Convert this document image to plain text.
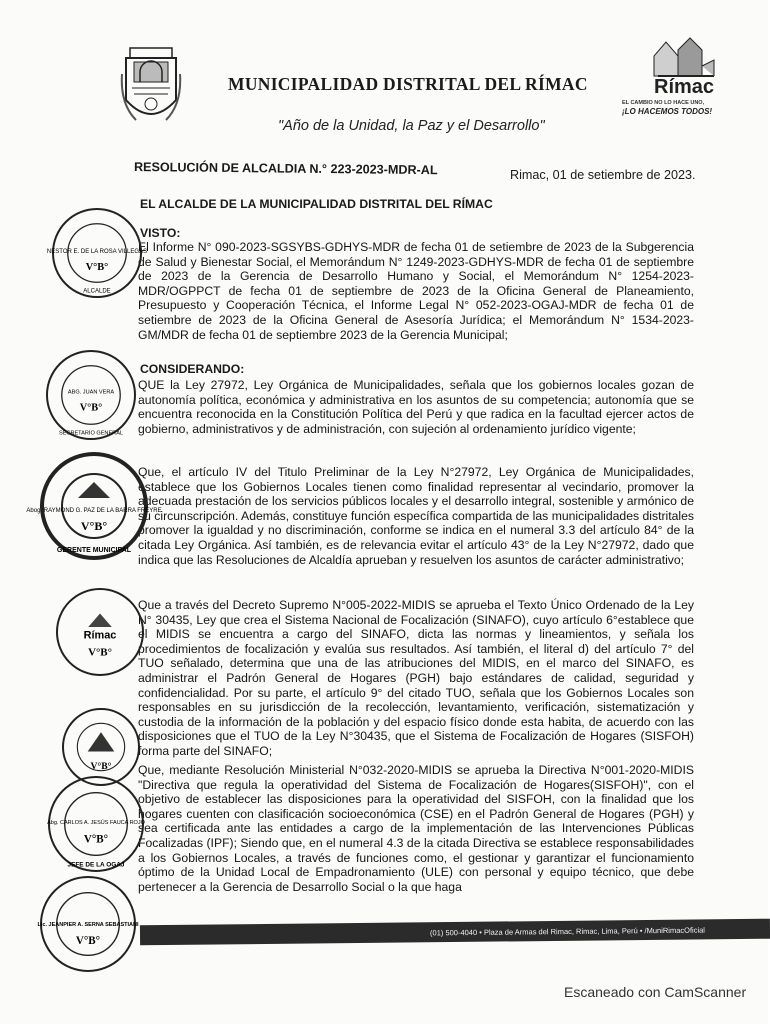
MUNICIPALIDAD DISTRITAL DEL RÍMAC	Rímac
EL CAMBIO NO LO HACE UNO,
¡LO HACEMOS TODOS!
"Año de la Unidad, la Paz y el Desarrollo"
RESOLUCIÓN DE ALCALDIA N.° 223-2023-MDR-AL	Rimac, 01 de setiembre de 2023.
EL ALCALDE DE LA MUNICIPALIDAD DISTRITAL DEL RÍMAC
VISTO:
El Informe N° 090-2023-SGSYBS-GDHYS-MDR de fecha 01 de setiembre de 2023 de la Subgerencia de Salud y Bienestar Social, el Memorándum N° 1249-2023-GDHYS-MDR de fecha 01 de septiembre de 2023 de la Gerencia de Desarrollo Humano y Social, el Memorándum N° 1254-2023-MDR/OGPPCT de fecha 01 de septiembre de 2023 de la Oficina General de Planeamiento, Presupuesto y Cooperación Técnica, el Informe Legal N° 052-2023-OGAJ-MDR de fecha 01 de setiembre de 2023 de la Oficina General de Asesoría Jurídica; el Memorándum N° 1534-2023-GM/MDR de fecha 01 de septiembre 2023 de la Gerencia Municipal;
CONSIDERANDO:
QUE la Ley 27972, Ley Orgánica de Municipalidades, señala que los gobiernos locales gozan de autonomía política, económica y administrativa en los asuntos de su competencia; autonomía que se encuentra reconocida en la Constitución Política del Perú y que radica en la facultad ejercer actos de gobierno, administrativos y de administración, con sujeción al ordenamiento jurídico vigente;
Que, el artículo IV del Titulo Preliminar de la Ley N°27972, Ley Orgánica de Municipalidades, establece que los Gobiernos Locales tienen como finalidad representar al vecindario, promover la adecuada prestación de los servicios públicos locales y el desarrollo integral, sostenible y armónico de su circunscripción. Además, constituye función específica compartida de las municipalidades distritales promover la igualdad y no discriminación, conforme se indica en el numeral 3.3 del artículo 84° de la citada Ley Orgánica. Así también, es de relevancia evitar el artículo 43° de la Ley N°27972, dado que indica que las Resoluciones de Alcaldía aprueban y resuelven los asuntos de carácter administrativo;
Que a través del Decreto Supremo N°005-2022-MIDIS se aprueba el Texto Único Ordenado de la Ley N° 30435, Ley que crea el Sistema Nacional de Focalización (SINAFO), cuyo artículo 6°establece que el MIDIS se encuentra a cargo del SINAFO, dicta las normas y lineamientos, y señala los procedimientos de focalización y evalúa sus resultados. Así también, el literal d) del artículo 7° del TUO señalado, determina que una de las atribuciones del MIDIS, en el marco del SINAFO, es administrar el Padrón General de Hogares (PGH) bajo estándares de calidad, seguridad y confidencialidad. Por su parte, el artículo 9° del citado TUO, señala que los Gobiernos Locales son responsables en su jurisdicción de la recolección, levantamiento, verificación, sistematización y custodia de la información de la población y del espacio físico donde esta habita, de acuerdo con las disposiciones que el TUO de la Ley N°30435, que el Sistema de Focalización de Hogares (SISFOH) forma parte del SINAFO;
Que, mediante Resolución Ministerial N°032-2020-MIDIS se aprueba la Directiva N°001-2020-MIDIS "Directiva que regula la operatividad del Sistema de Focalización de Hogares(SISFOH)", con el objetivo de establecer las disposiciones para la operatividad del SISFOH, con la finalidad que los hogares cuenten con clasificación socioeconómica (CSE) en el Padrón General de Hogares (PGH) y sea certificada ante las entidades a cargo de la implementación de las Intervenciones Públicas Focalizadas (IPF); Siendo que, en el numeral 4.3 de la citada Directiva se establece responsabilidades a los Gobiernos Locales, a través de funciones como, el gestionar y garantizar el funcionamiento óptimo de la Unidad Local de Empadronamiento (ULE) con personal y equipo técnico, que debe pertenecer a la Gerencia de Desarrollo Social o la que haga
NESTOR E. DE LA ROSA VILLEGAS
V°B°
ALCALDE
ABG. JUAN VERA
V°B°
SECRETARÍO GENERAL
Abog. RAYMOND G. PAZ DE LA BARRA FREYRE
V°B°
GERENTE MUNICIPAL
Rímac
V°B°
V°B°
Abg. CARLOS A. JESÚS FAUCA ROJO
V°B°
JEFE DE LA OGAJ
Lic. JEANPIER A. SERNA SEBASTIANI
V°B°
(01) 500-4040 • Plaza de Armas del Rimac, Rimac, Lima, Perú • /MuniRimacOficial
Escaneado con CamScanner
